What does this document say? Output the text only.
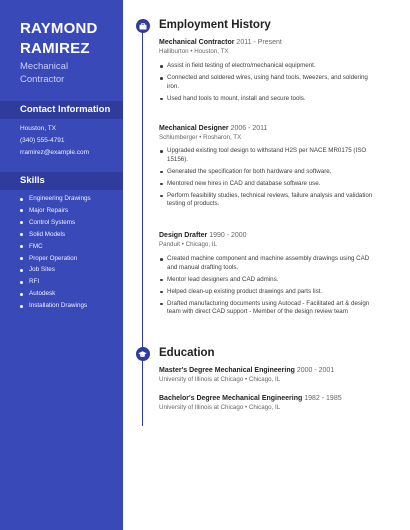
RAYMOND
RAMIREZ
Mechanical
Contractor
Contact Information
Houston, TX
(340) 555-4791
rramirez@example.com
Skills
Engineering Drawings
Major Repairs
Control Systems
Solid Models
FMC
Proper Operation
Job Sites
RFI
Autodesk
Installation Drawings
Employment History
Mechanical Contractor 2011 - Present
Halliburton • Houston, TX
Assist in field testing of electro/mechanical equipment.
Connected and soldered wires, using hand tools, tweezers, and soldering iron.
Used hand tools to mount, install and secure tools.
Mechanical Designer 2006 - 2011
Schlumberger • Rosharon, TX
Upgraded existing tool design to withstand H2S per NACE MR0175 (ISO 15156).
Generated the specification for both hardware and software.
Mentored new hires in CAD and database software use.
Perform feasibility studies, technical reviews, failure analysis and validation testing of products.
Design Drafter 1990 - 2000
Panduit • Chicago, IL
Created machine component and machine assembly drawings using CAD and manual drafting tools.
Mentor lead designers and CAD admins.
Helped clean-up existing product drawings and parts list.
Drafted manufacturing documents using Autocad - Facilitated art & design team with direct CAD support - Member of the design review team
Education
Master's Degree Mechanical Engineering 2000 - 2001
University of Illinois at Chicago • Chicago, IL
Bachelor's Degree Mechanical Engineering 1982 - 1985
University of Illinois at Chicago • Chicago, IL
